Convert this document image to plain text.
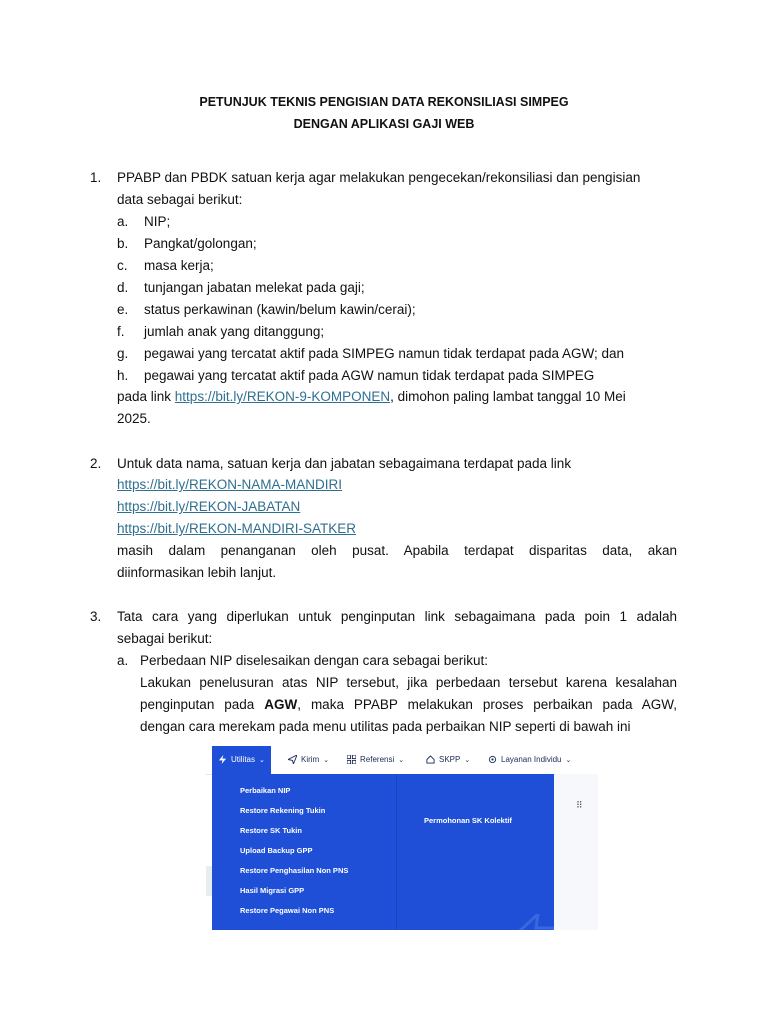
PETUNJUK TEKNIS PENGISIAN DATA REKONSILIASI SIMPEG
DENGAN APLIKASI GAJI WEB
1. PPABP dan PBDK satuan kerja agar melakukan pengecekan/rekonsiliasi dan pengisian
data sebagai berikut:
a. NIP;
b. Pangkat/golongan;
c. masa kerja;
d. tunjangan jabatan melekat pada gaji;
e. status perkawinan (kawin/belum kawin/cerai);
f. jumlah anak yang ditanggung;
g. pegawai yang tercatat aktif pada SIMPEG namun tidak terdapat pada AGW; dan
h. pegawai yang tercatat aktif pada AGW namun tidak terdapat pada SIMPEG
pada link https://bit.ly/REKON-9-KOMPONEN, dimohon paling lambat tanggal 10 Mei
2025.
2. Untuk data nama, satuan kerja dan jabatan sebagaimana terdapat pada link
https://bit.ly/REKON-NAMA-MANDIRI
https://bit.ly/REKON-JABATAN
https://bit.ly/REKON-MANDIRI-SATKER
masih dalam penanganan oleh pusat. Apabila terdapat disparitas data, akan
diinformasikan lebih lanjut.
3. Tata cara yang diperlukan untuk penginputan link sebagaimana pada poin 1 adalah
sebagai berikut:
a. Perbedaan NIP diselesaikan dengan cara sebagai berikut:
Lakukan penelusuran atas NIP tersebut, jika perbedaan tersebut karena kesalahan
penginputan pada AGW, maka PPABP melakukan proses perbaikan pada AGW,
dengan cara merekam pada menu utilitas pada perbaikan NIP seperti di bawah ini
Utilitas ⌄	Kirim ⌄	Referensi ⌄	SKPP ⌄	Layanan Individu ⌄
Perbaikan NIP
Restore Rekening Tukin
Restore SK Tukin
Upload Backup GPP
Restore Penghasilan Non PNS
Hasil Migrasi GPP
Restore Pegawai Non PNS
Permohonan SK Kolektif
⠿
